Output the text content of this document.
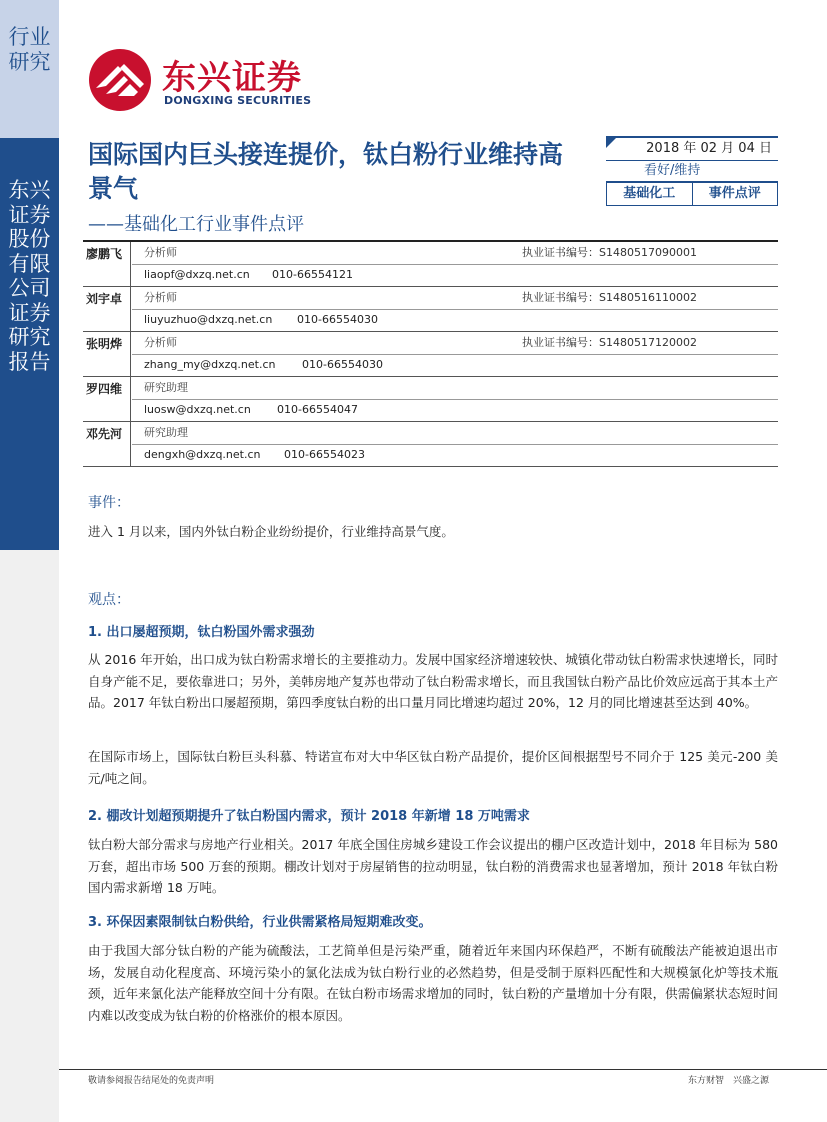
行业研究
东兴证券股份有限公司证券研究报告
东兴证券
DONGXING SECURITIES
国际国内巨头接连提价，钛白粉行业维持高景气
——基础化工行业事件点评
2018 年 02 月 04 日
看好/维持
基础化工	事件点评
廖鹏飞	分析师	执业证书编号：S1480517090001
liaopf@dxzq.net.cn 010-66554121
刘宇卓	分析师	执业证书编号：S1480516110002
liuyuzhuo@dxzq.net.cn 010-66554030
张明烨	分析师	执业证书编号：S1480517120002
zhang_my@dxzq.net.cn 010-66554030
罗四维	研究助理
luosw@dxzq.net.cn 010-66554047
邓先河	研究助理
dengxh@dxzq.net.cn 010-66554023
事件：
进入 1 月以来，国内外钛白粉企业纷纷提价，行业维持高景气度。
观点：
1. 出口屡超预期，钛白粉国外需求强劲
从 2016 年开始，出口成为钛白粉需求增长的主要推动力。发展中国家经济增速较快、城镇化带动钛白粉需求快速增长，同时自身产能不足，要依靠进口；另外，美韩房地产复苏也带动了钛白粉需求增长，而且我国钛白粉产品比价效应远高于其本土产品。2017 年钛白粉出口屡超预期，第四季度钛白粉的出口量月同比增速均超过 20%，12 月的同比增速甚至达到 40%。
在国际市场上，国际钛白粉巨头科慕、特诺宣布对大中华区钛白粉产品提价，提价区间根据型号不同介于 125 美元-200 美元/吨之间。
2. 棚改计划超预期提升了钛白粉国内需求，预计 2018 年新增 18 万吨需求
钛白粉大部分需求与房地产行业相关。2017 年底全国住房城乡建设工作会议提出的棚户区改造计划中，2018 年目标为 580 万套，超出市场 500 万套的预期。棚改计划对于房屋销售的拉动明显，钛白粉的消费需求也显著增加，预计 2018 年钛白粉国内需求新增 18 万吨。
3. 环保因素限制钛白粉供给，行业供需紧格局短期难改变。
由于我国大部分钛白粉的产能为硫酸法，工艺简单但是污染严重，随着近年来国内环保趋严，不断有硫酸法产能被迫退出市场，发展自动化程度高、环境污染小的氯化法成为钛白粉行业的必然趋势，但是受制于原料匹配性和大规模氯化炉等技术瓶颈，近年来氯化法产能释放空间十分有限。在钛白粉市场需求增加的同时，钛白粉的产量增加十分有限，供需偏紧状态短时间内难以改变成为钛白粉的价格涨价的根本原因。
敬请参阅报告结尾处的免责声明	东方财智　兴盛之源
